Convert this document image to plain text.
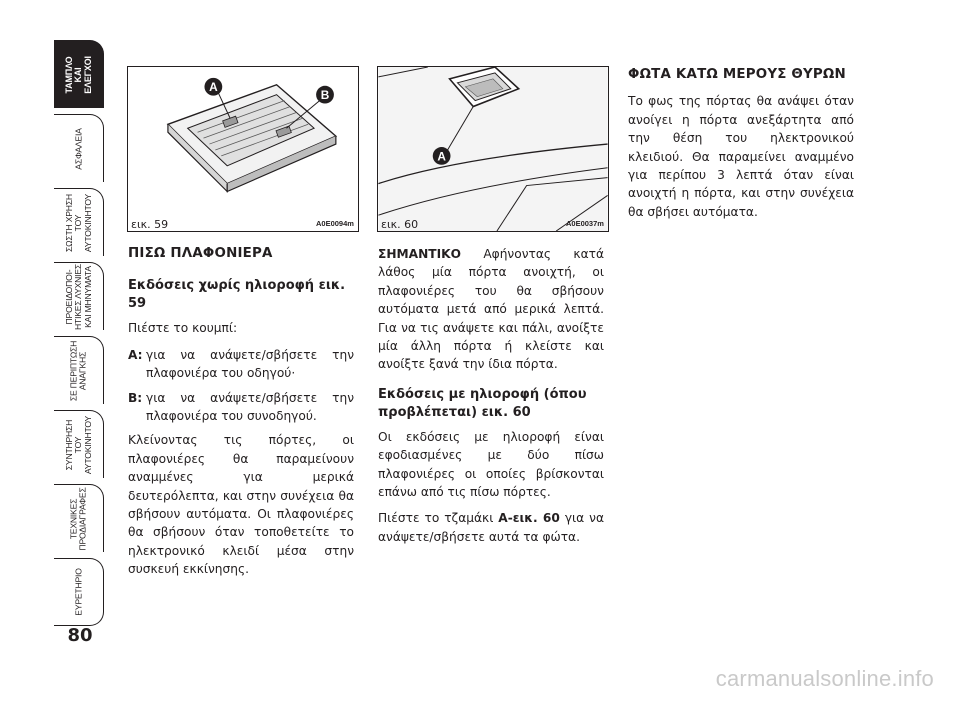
ΤΑΜΠΛΟ
ΚΑΙ
ΕΛΕΓΧΟΙ
ΑΣΦΑΛΕΙΑ
ΣΩΣΤΗ ΧΡΗΣΗ
ΤΟΥ
ΑΥΤΟΚΙΝΗΤΟΥ
ΠΡΟΕΙΔΟΠΟΙ-
ΗΤΙΚΕΣ ΛΥΧΝΙΕΣ
ΚΑΙ ΜΗΝΥΜΑΤΑ
ΣΕ ΠΕΡΙΠΤΩΣΗ
ΑΝΑΓΚΗΣ
ΣΥΝΤΗΡΗΣΗ
ΤΟΥ
ΑΥΤΟΚΙΝΗΤΟΥ
ΤΕΧΝΙΚΕΣ
ΠΡΟΔΙΑΓΡΑΦΕΣ
ΕΥΡΕΤΗΡΙΟ
80
A
B
εικ. 59	A0E0094m
A
εικ. 60	A0E0037m
ΠΙΣΩ ΠΛΑΦΟΝΙΕΡΑ
Εκδόσεις χωρίς ηλιοροφή εικ. 59

Πιέστε το κουμπί:

A: για να ανάψετε/σβήσετε την πλαφονιέρα του οδηγού·
B: για να ανάψετε/σβήσετε την πλαφονιέρα του συνοδηγού.

Κλείνοντας τις πόρτες, οι πλαφονιέρες θα παραμείνουν αναμμένες για μερικά δευτερόλεπτα, και στην συνέχεια θα σβήσουν αυτόματα. Οι πλαφονιέρες θα σβήσουν όταν τοποθετείτε το ηλεκτρονικό κλειδί μέσα στην συσκευή εκκίνησης.

ΣΗΜΑΝΤΙΚΟ Αφήνοντας κατά λάθος μία πόρτα ανοιχτή, οι πλαφονιέρες του θα σβήσουν αυτόματα μετά από μερικά λεπτά. Για να τις ανάψετε και πάλι, ανοίξτε μία άλλη πόρτα ή κλείστε και ανοίξτε ξανά την ίδια πόρτα.

Εκδόσεις με ηλιοροφή (όπου προβλέπεται) εικ. 60

Οι εκδόσεις με ηλιοροφή είναι εφοδιασμένες με δύο πίσω πλαφονιέρες οι οποίες βρίσκονται επάνω από τις πίσω πόρτες.

Πιέστε το τζαμάκι A-εικ. 60 για να ανάψετε/σβήσετε αυτά τα φώτα.

ΦΩΤΑ ΚΑΤΩ ΜΕΡΟΥΣ ΘΥΡΩΝ

Το φως της πόρτας θα ανάψει όταν ανοίγει η πόρτα ανεξάρτητα από την θέση του ηλεκτρονικού κλειδιού. Θα παραμείνει αναμμένο για περίπου 3 λεπτά όταν είναι ανοιχτή η πόρτα, και στην συνέχεια θα σβήσει αυτόματα.

carmanualsonline.info
